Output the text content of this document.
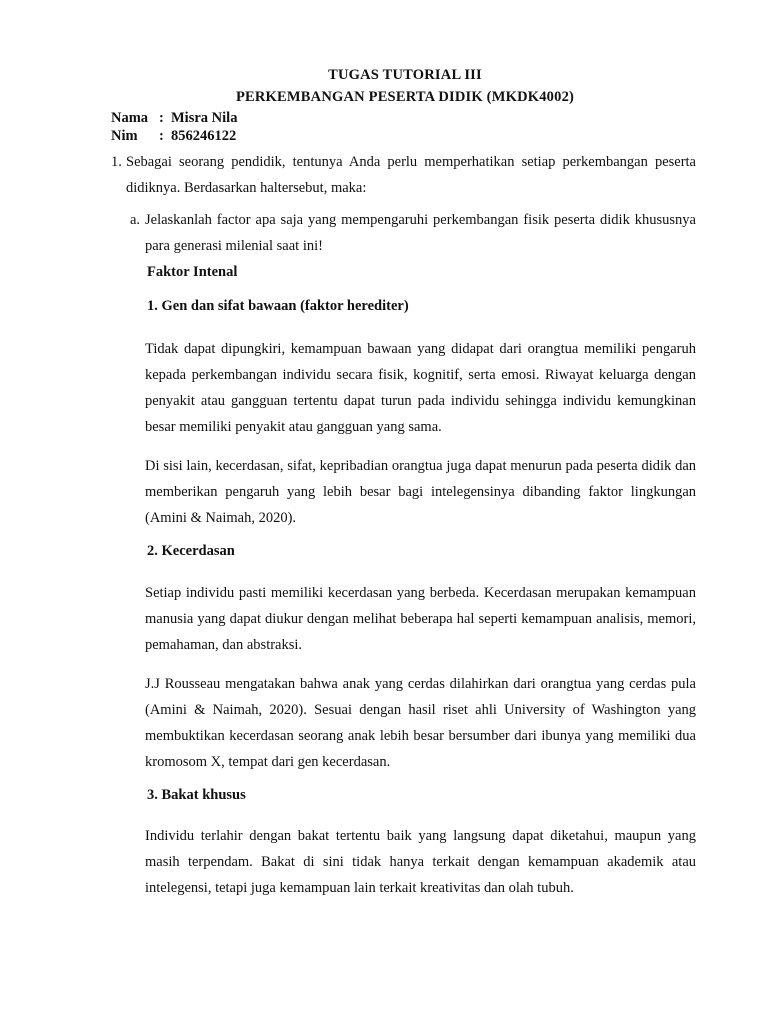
TUGAS TUTORIAL III
PERKEMBANGAN PESERTA DIDIK (MKDK4002)
Nama : Misra Nila
Nim : 856246122
1. Sebagai seorang pendidik, tentunya Anda perlu memperhatikan setiap perkembangan peserta didiknya. Berdasarkan haltersebut, maka:
a. Jelaskanlah factor apa saja yang mempengaruhi perkembangan fisik peserta didik khususnya para generasi milenial saat ini!
Faktor Intenal
1. Gen dan sifat bawaan (faktor herediter)
Tidak dapat dipungkiri, kemampuan bawaan yang didapat dari orangtua memiliki pengaruh kepada perkembangan individu secara fisik, kognitif, serta emosi. Riwayat keluarga dengan penyakit atau gangguan tertentu dapat turun pada individu sehingga individu kemungkinan besar memiliki penyakit atau gangguan yang sama.
Di sisi lain, kecerdasan, sifat, kepribadian orangtua juga dapat menurun pada peserta didik dan memberikan pengaruh yang lebih besar bagi intelegensinya dibanding faktor lingkungan (Amini & Naimah, 2020).
2. Kecerdasan
Setiap individu pasti memiliki kecerdasan yang berbeda. Kecerdasan merupakan kemampuan manusia yang dapat diukur dengan melihat beberapa hal seperti kemampuan analisis, memori, pemahaman, dan abstraksi.
J.J Rousseau mengatakan bahwa anak yang cerdas dilahirkan dari orangtua yang cerdas pula (Amini & Naimah, 2020). Sesuai dengan hasil riset ahli University of Washington yang membuktikan kecerdasan seorang anak lebih besar bersumber dari ibunya yang memiliki dua kromosom X, tempat dari gen kecerdasan.
3. Bakat khusus
Individu terlahir dengan bakat tertentu baik yang langsung dapat diketahui, maupun yang masih terpendam. Bakat di sini tidak hanya terkait dengan kemampuan akademik atau intelegensi, tetapi juga kemampuan lain terkait kreativitas dan olah tubuh.
